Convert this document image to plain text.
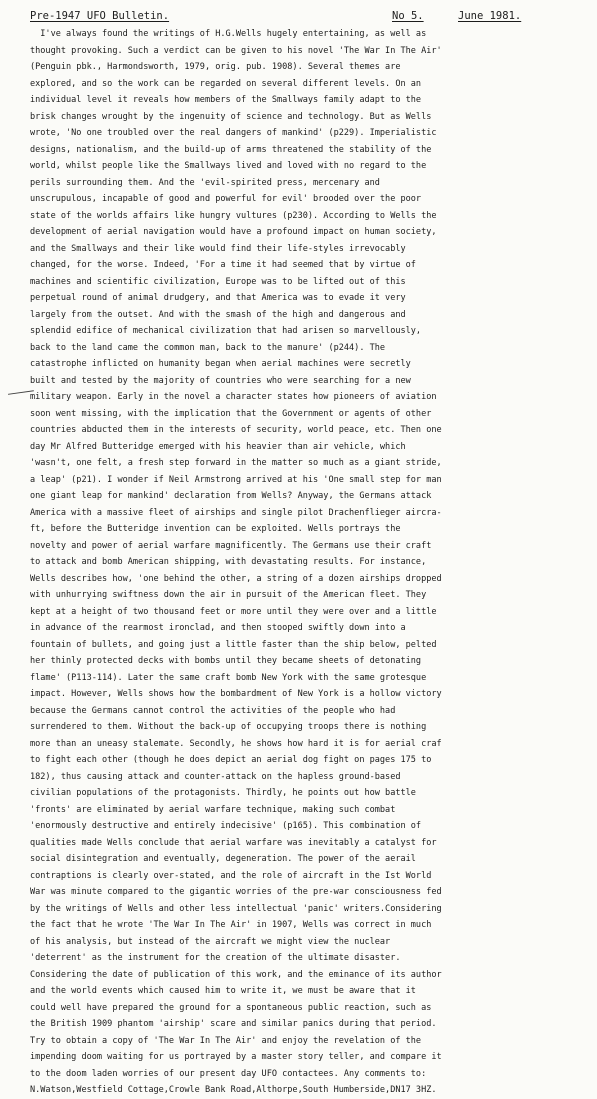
Pre-1947 UFO Bulletin.	No 5.	June 1981.
I've always found the writings of H.G.Wells hugely entertaining, as well as
thought provoking. Such a verdict can be given to his novel 'The War In The Air'
(Penguin pbk., Harmondsworth, 1979, orig. pub. 1908). Several themes are
explored, and so the work can be regarded on several different levels. On an
individual level it reveals how members of the Smallways family adapt to the
brisk changes wrought by the ingenuity of science and technology. But as Wells
wrote, 'No one troubled over the real dangers of mankind' (p229). Imperialistic
designs, nationalism, and the build-up of arms threatened the stability of the
world, whilst people like the Smallways lived and loved with no regard to the
perils surrounding them. And the 'evil-spirited press, mercenary and
unscrupulous, incapable of good and powerful for evil' brooded over the poor
state of the worlds affairs like hungry vultures (p230). According to Wells the
development of aerial navigation would have a profound impact on human society,
and the Smallways and their like would find their life-styles irrevocably
changed, for the worse. Indeed, 'For a time it had seemed that by virtue of
machines and scientific civilization, Europe was to be lifted out of this
perpetual round of animal drudgery, and that America was to evade it very
largely from the outset. And with the smash of the high and dangerous and
splendid edifice of mechanical civilization that had arisen so marvellously,
back to the land came the common man, back to the manure' (p244). The
catastrophe inflicted on humanity began when aerial machines were secretly
built and tested by the majority of countries who were searching for a new
military weapon. Early in the novel a character states how pioneers of aviation
soon went missing, with the implication that the Government or agents of other
countries abducted them in the interests of security, world peace, etc. Then one
day Mr Alfred Butteridge emerged with his heavier than air vehicle, which
'wasn't, one felt, a fresh step forward in the matter so much as a giant stride,
a leap' (p21). I wonder if Neil Armstrong arrived at his 'One small step for man
one giant leap for mankind' declaration from Wells? Anyway, the Germans attack
America with a massive fleet of airships and single pilot Drachenflieger aircra-
ft, before the Butteridge invention can be exploited. Wells portrays the
novelty and power of aerial warfare magnificently. The Germans use their craft
to attack and bomb American shipping, with devastating results. For instance,
Wells describes how, 'one behind the other, a string of a dozen airships dropped
with unhurrying swiftness down the air in pursuit of the American fleet. They
kept at a height of two thousand feet or more until they were over and a little
in advance of the rearmost ironclad, and then stooped swiftly down into a
fountain of bullets, and going just a little faster than the ship below, pelted
her thinly protected decks with bombs until they became sheets of detonating
flame' (P113-114). Later the same craft bomb New York with the same grotesque
impact. However, Wells shows how the bombardment of New York is a hollow victory
because the Germans cannot control the activities of the people who had
surrendered to them. Without the back-up of occupying troops there is nothing
more than an uneasy stalemate. Secondly, he shows how hard it is for aerial craf
to fight each other (though he does depict an aerial dog fight on pages 175 to
182), thus causing attack and counter-attack on the hapless ground-based
civilian populations of the protagonists. Thirdly, he points out how battle
'fronts' are eliminated by aerial warfare technique, making such combat
'enormously destructive and entirely indecisive' (p165). This combination of
qualities made Wells conclude that aerial warfare was inevitably a catalyst for
social disintegration and eventually, degeneration. The power of the aerail
contraptions is clearly over-stated, and the role of aircraft in the Ist World
War was minute compared to the gigantic worries of the pre-war consciousness fed
by the writings of Wells and other less intellectual 'panic' writers.Considering
the fact that he wrote 'The War In The Air' in 1907, Wells was correct in much
of his analysis, but instead of the aircraft we might view the nuclear
'deterrent' as the instrument for the creation of the ultimate disaster.
Considering the date of publication of this work, and the eminance of its author
and the world events which caused him to write it, we must be aware that it
could well have prepared the ground for a spontaneous public reaction, such as
the British 1909 phantom 'airship' scare and similar panics during that period.
Try to obtain a copy of 'The War In The Air' and enjoy the revelation of the
impending doom waiting for us portrayed by a master story teller, and compare it
to the doom laden worries of our present day UFO contactees. Any comments to:
N.Watson,Westfield Cottage,Crowle Bank Road,Althorpe,South Humberside,DN17 3HZ.
